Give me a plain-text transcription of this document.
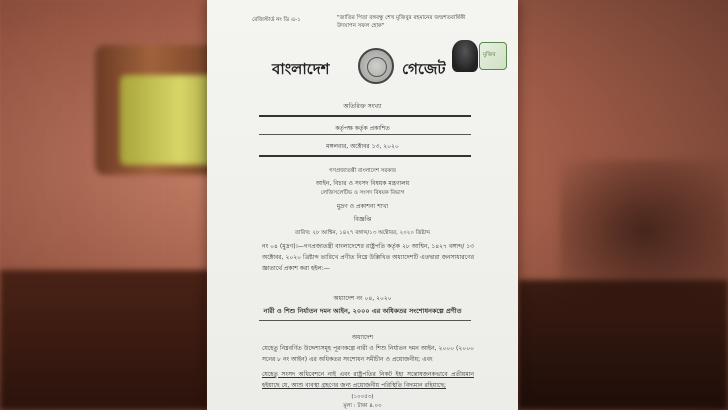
রেজিস্টার্ড নং ডি এ-১	"জাতির পিতা বঙ্গবন্ধু শেখ মুজিবুর রহমানের জন্মশতবার্ষিকী উদযাপন সফল হোক"
বাংলাদেশ	গেজেট
মুজিব
অতিরিক্ত সংখ্যা
কর্তৃপক্ষ কর্তৃক প্রকাশিত
মঙ্গলবার, অক্টোবর ১৩, ২০২০
গণপ্রজাতন্ত্রী বাংলাদেশ সরকার
আইন, বিচার ও সংসদ বিষয়ক মন্ত্রণালয়
লেজিসলেটিভ ও সংসদ বিষয়ক বিভাগ
মুদ্রণ ও প্রকাশনা শাখা
বিজ্ঞপ্তি
তারিখ: ২৮ আশ্বিন, ১৪২৭ বঙ্গাব্দ/১৩ অক্টোবর, ২০২০ খ্রিষ্টাব্দ
নং ০৪ (মুদ্রণ)।—গণপ্রজাতন্ত্রী বাংলাদেশের রাষ্ট্রপতি কর্তৃক ২৮ আশ্বিন, ১৪২৭ বঙ্গাব্দ/ ১৩ অক্টোবর, ২০২০ খ্রিষ্টাব্দ তারিখে প্রণীত নিম্নে উল্লিখিত অধ্যাদেশটি এতদ্বারা জনসাধারণের জ্ঞাতার্থে প্রকাশ করা হইল:—
অধ্যাদেশ নং ০৪, ২০২০
নারী ও শিশু নির্যাতন দমন আইন, ২০০০ এর অধিকতর সংশোধনকল্পে প্রণীত
অধ্যাদেশ
যেহেতু নিম্নবর্ণিত উদ্দেশ্যসমূহ পূরণকল্পে নারী ও শিশু নির্যাতন দমন আইন, ২০০০ (২০০০ সনের ৮ নং আইন) এর অধিকতর সংশোধন সমীচীন ও প্রয়োজনীয়; এবং
যেহেতু সংসদ অধিবেশনে নাই এবং রাষ্ট্রপতির নিকট ইহা সন্তোষজনকভাবে প্রতীয়মান হইয়াছে যে, আশু ব্যবস্থা গ্রহণের জন্য প্রয়োজনীয় পরিস্থিতি বিদ্যমান রহিয়াছে;
(১০০৫৩)
মূল্য : টাকা ৪.০০
